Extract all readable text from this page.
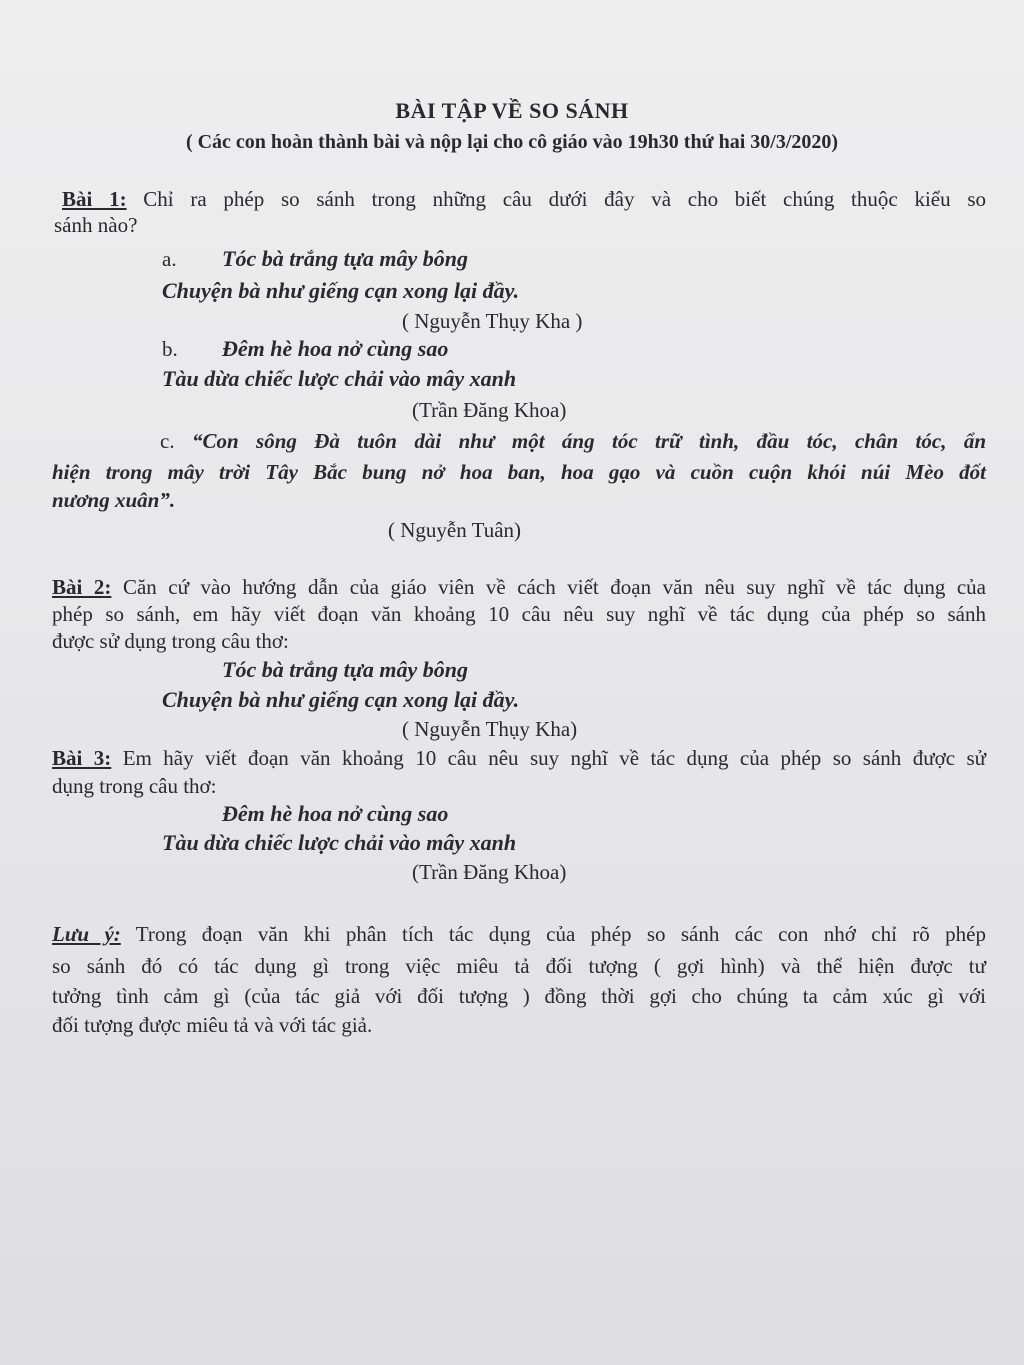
BÀI TẬP VỀ SO SÁNH
( Các con hoàn thành bài và nộp lại cho cô giáo vào 19h30 thứ hai 30/3/2020)
Bài 1: Chỉ ra phép so sánh trong những câu dưới đây và cho biết chúng thuộc kiểu so
sánh nào?
a. Tóc bà trắng tựa mây bông
Chuyện bà như giếng cạn xong lại đầy.
( Nguyễn Thụy Kha )
b. Đêm hè hoa nở cùng sao
Tàu dừa chiếc lược chải vào mây xanh
(Trần Đăng Khoa)
c. “Con sông Đà tuôn dài như một áng tóc trữ tình, đầu tóc, chân tóc, ẩn
hiện trong mây trời Tây Bắc bung nở hoa ban, hoa gạo và cuồn cuộn khói núi Mèo đốt
nương xuân”.
( Nguyễn Tuân)
Bài 2: Căn cứ vào hướng dẫn của giáo viên về cách viết đoạn văn nêu suy nghĩ về tác dụng của
phép so sánh, em hãy viết đoạn văn khoảng 10 câu nêu suy nghĩ về tác dụng của phép so sánh
được sử dụng trong câu thơ:
Tóc bà trắng tựa mây bông
Chuyện bà như giếng cạn xong lại đầy.
( Nguyễn Thụy Kha)
Bài 3: Em hãy viết đoạn văn khoảng 10 câu nêu suy nghĩ về tác dụng của phép so sánh được sử
dụng trong câu thơ:
Đêm hè hoa nở cùng sao
Tàu dừa chiếc lược chải vào mây xanh
(Trần Đăng Khoa)
Lưu ý: Trong đoạn văn khi phân tích tác dụng của phép so sánh các con nhớ chỉ rõ phép
so sánh đó có tác dụng gì trong việc miêu tả đối tượng ( gợi hình) và thể hiện được tư
tưởng tình cảm gì (của tác giả với đối tượng ) đồng thời gợi cho chúng ta cảm xúc gì với
đối tượng được miêu tả và với tác giả.
